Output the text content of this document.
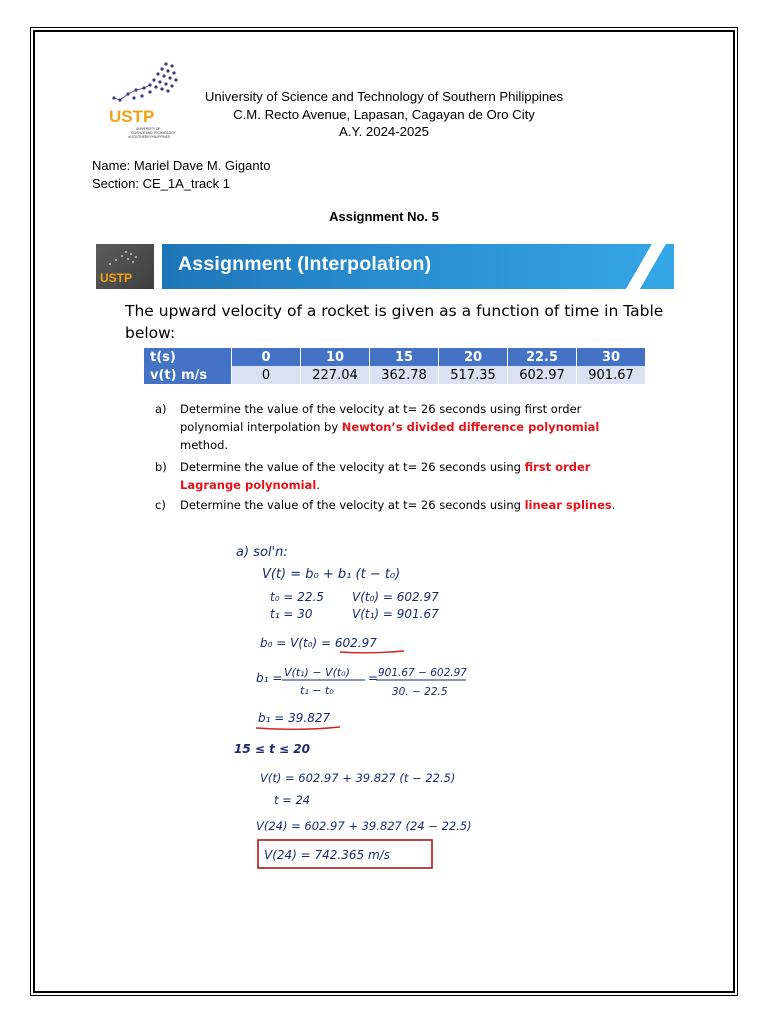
USTP
UNIVERSITY OF
SCIENCE AND TECHNOLOGY
of SOUTHERN PHILIPPINES
University of Science and Technology of Southern Philippines
C.M. Recto Avenue, Lapasan, Cagayan de Oro City
A.Y. 2024-2025
Name: Mariel Dave M. Giganto
Section: CE_1A_track 1
Assignment No. 5
USTP
Assignment (Interpolation)
The upward velocity of a rocket is given as a function of time in Table below:
t(s)	0	10	15	20	22.5	30
v(t) m/s	0	227.04	362.78	517.35	602.97	901.67
a) Determine the value of the velocity at t= 26 seconds using first order polynomial interpolation by Newton’s divided difference polynomial method.
b) Determine the value of the velocity at t= 26 seconds using first order Lagrange polynomial.
c) Determine the value of the velocity at t= 26 seconds using linear splines.
a) sol'n:
V(t) = b₀ + b₁ (t − t₀)
t₀ = 22.5 V(t₀) = 602.97
t₁ = 30	V(t₁) = 901.67
b₀ = V(t₀) = 602.97
b₁ = V(t₁) − V(t₀)
t₁ − t₀
= 901.67 − 602.97
30. − 22.5
b₁ = 39.827
15 ≤ t ≤ 20
V(t) = 602.97 + 39.827 (t − 22.5)
t = 24
V(24) = 602.97 + 39.827 (24 − 22.5)
V(24) = 742.365 m/s
